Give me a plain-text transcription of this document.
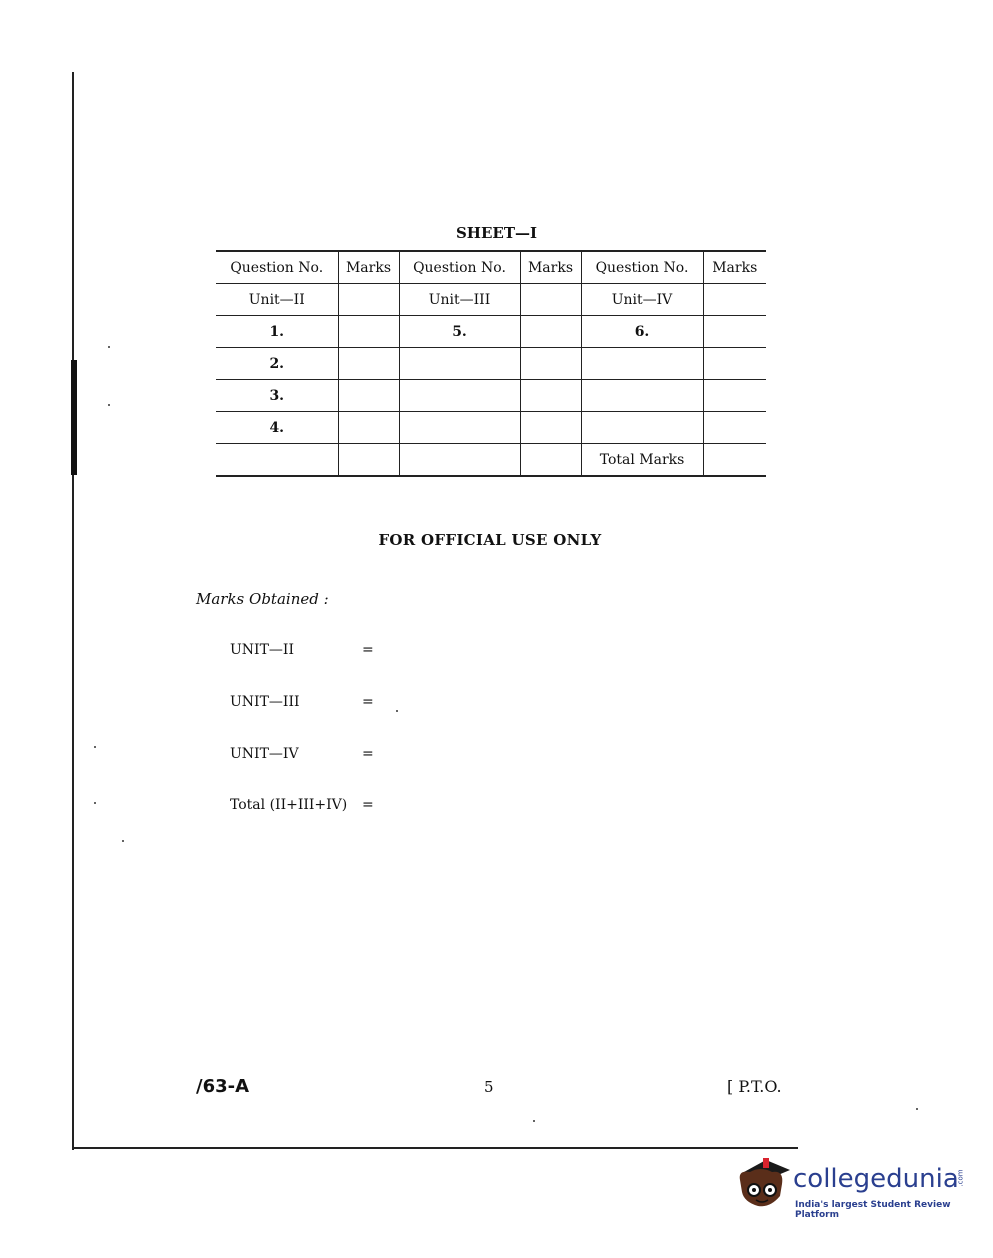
SHEET—I
Question No.	Marks	Question No.	Marks	Question No.	Marks
Unit—II		Unit—III		Unit—IV	
1.		5.		6.	
2.					
3.					
4.					
				Total Marks	
FOR OFFICIAL USE ONLY
Marks Obtained :
UNIT—II	=
UNIT—III	=
UNIT—IV	=
Total (II+III+IV) =
/63-A	5	[ P.T.O.
collegedunia
.com
India's largest Student Review Platform
